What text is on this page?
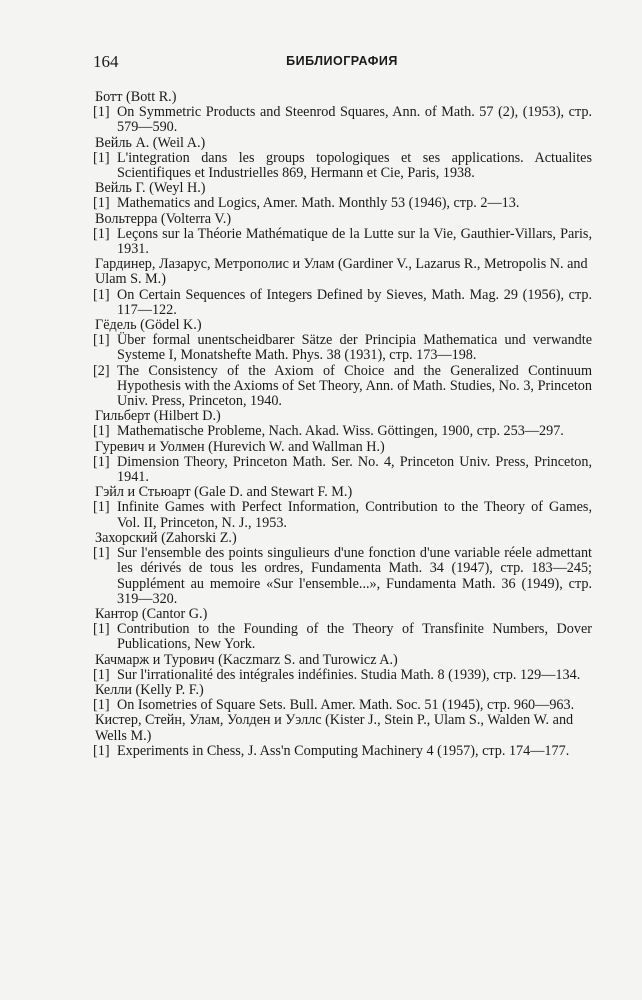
164	БИБЛИОГРАФИЯ
Ботт (Bott R.)
[1] On Symmetric Products and Steenrod Squares, Ann. of Math. 57 (2), (1953), стр. 579—590.
Вейль А. (Weil A.)
[1] L'integration dans les groups topologiques et ses applications. Actualites Scientifiques et Industrielles 869, Hermann et Cie, Paris, 1938.
Вейль Г. (Weyl H.)
[1] Mathematics and Logics, Amer. Math. Monthly 53 (1946), стр. 2—13.
Вольтерра (Volterra V.)
[1] Leçons sur la Théorie Mathématique de la Lutte sur la Vie, Gauthier-Villars, Paris, 1931.
Гардинер, Лазарус, Метрополис и Улам (Gardiner V., Lazarus R., Metropolis N. and Ulam S. M.)
[1] On Certain Sequences of Integers Defined by Sieves, Math. Mag. 29 (1956), стр. 117—122.
Гёдель (Gödel K.)
[1] Über formal unentscheidbarer Sätze der Principia Mathematica und verwandte Systeme I, Monatshefte Math. Phys. 38 (1931), стр. 173—198.
[2] The Consistency of the Axiom of Choice and the Generalized Continuum Hypothesis with the Axioms of Set Theory, Ann. of Math. Studies, No. 3, Princeton Univ. Press, Princeton, 1940.
Гильберт (Hilbert D.)
[1] Mathematische Probleme, Nach. Akad. Wiss. Göttingen, 1900, стр. 253—297.
Гуревич и Уолмен (Hurevich W. and Wallman H.)
[1] Dimension Theory, Princeton Math. Ser. No. 4, Princeton Univ. Press, Princeton, 1941.
Гэйл и Стьюарт (Gale D. and Stewart F. M.)
[1] Infinite Games with Perfect Information, Contribution to the Theory of Games, Vol. II, Princeton, N. J., 1953.
Захорский (Zahorski Z.)
[1] Sur l'ensemble des points singulieurs d'une fonction d'une variable réele admettant les dérivés de tous les ordres, Fundamenta Math. 34 (1947), стр. 183—245; Supplément au memoire «Sur l'ensemble...», Fundamenta Math. 36 (1949), стр. 319—320.
Кантор (Cantor G.)
[1] Contribution to the Founding of the Theory of Transfinite Numbers, Dover Publications, New York.
Качмарж и Турович (Kaczmarz S. and Turowicz A.)
[1] Sur l'irrationalité des intégrales indéfinies. Studia Math. 8 (1939), стр. 129—134.
Келли (Kelly P. F.)
[1] On Isometries of Square Sets. Bull. Amer. Math. Soc. 51 (1945), стр. 960—963.
Кистер, Стейн, Улам, Уолден и Уэллс (Kister J., Stein P., Ulam S., Walden W. and Wells M.)
[1] Experiments in Chess, J. Ass'n Computing Machinery 4 (1957), стр. 174—177.
